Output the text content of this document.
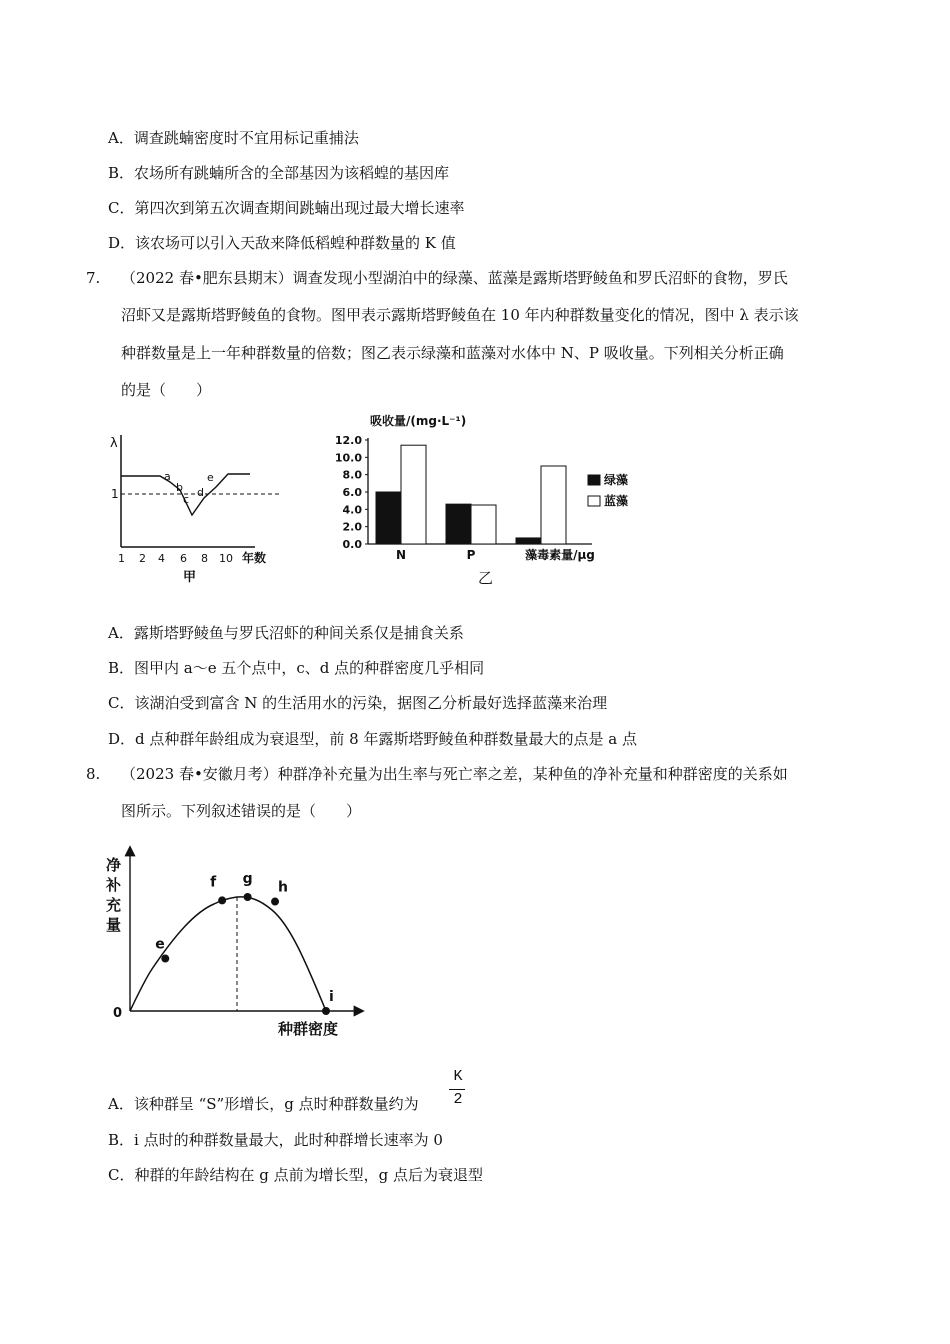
A．调查跳蝻密度时不宜用标记重捕法
B．农场所有跳蝻所含的全部基因为该稻蝗的基因库
C．第四次到第五次调查期间跳蝻出现过最大增长速率
D．该农场可以引入天敌来降低稻蝗种群数量的 K 值
7. （2022 春•肥东县期末）调查发现小型湖泊中的绿藻、蓝藻是露斯塔野鲮鱼和罗氏沼虾的食物，罗氏
沼虾又是露斯塔野鲮鱼的食物。图甲表示露斯塔野鲮鱼在 10 年内种群数量变化的情况，图中 λ 表示该
种群数量是上一年种群数量的倍数；图乙表示绿藻和蓝藻对水体中 N、P 吸收量。下列相关分析正确
的是（　　）
λ
1
a
b
c
d
e
1 2 4 6 8 10 年数
甲
吸收量/(mg·L⁻¹)
0.0
2.0
4.0
6.0
8.0
10.0
12.0
N	P	藻毒素量/μg
绿藻
蓝藻
乙
A．露斯塔野鲮鱼与罗氏沼虾的种间关系仅是捕食关系
B．图甲内 a～e 五个点中，c、d 点的种群密度几乎相同
C．该湖泊受到富含 N 的生活用水的污染，据图乙分析最好选择蓝藻来治理
D．d 点种群年龄组成为衰退型，前 8 年露斯塔野鲮鱼种群数量最大的点是 a 点
8. （2023 春•安徽月考）种群净补充量为出生率与死亡率之差，某种鱼的净补充量和种群密度的关系如
图所示。下列叙述错误的是（　　）
净
补
充
量
0
种群密度
e
f g
h
i
A．该种群呈 “S”形增长，g 点时种群数量约为
K
2
B．i 点时的种群数量最大，此时种群增长速率为 0
C．种群的年龄结构在 g 点前为增长型，g 点后为衰退型
